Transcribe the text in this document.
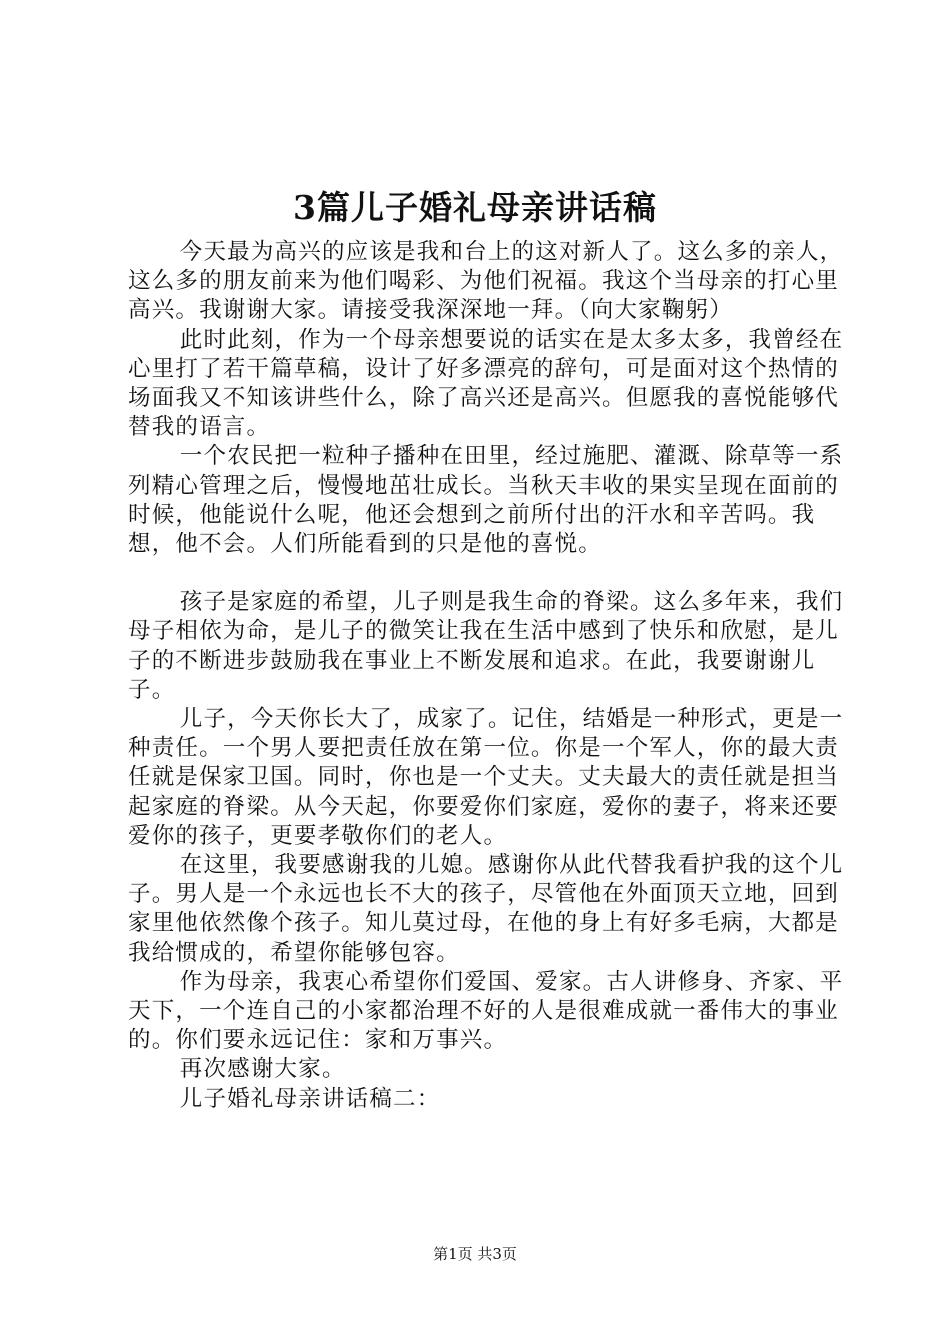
3篇儿子婚礼母亲讲话稿

今天最为高兴的应该是我和台上的这对新人了。这么多的亲人，这么多的朋友前来为他们喝彩、为他们祝福。我这个当母亲的打心里高兴。我谢谢大家。请接受我深深地一拜。（向大家鞠躬）

此时此刻，作为一个母亲想要说的话实在是太多太多，我曾经在心里打了若干篇草稿，设计了好多漂亮的辞句，可是面对这个热情的场面我又不知该讲些什么，除了高兴还是高兴。但愿我的喜悦能够代替我的语言。

一个农民把一粒种子播种在田里，经过施肥、灌溉、除草等一系列精心管理之后，慢慢地茁壮成长。当秋天丰收的果实呈现在面前的时候，他能说什么呢，他还会想到之前所付出的汗水和辛苦吗。我想，他不会。人们所能看到的只是他的喜悦。

孩子是家庭的希望，儿子则是我生命的脊梁。这么多年来，我们母子相依为命，是儿子的微笑让我在生活中感到了快乐和欣慰，是儿子的不断进步鼓励我在事业上不断发展和追求。在此，我要谢谢儿子。

儿子，今天你长大了，成家了。记住，结婚是一种形式，更是一种责任。一个男人要把责任放在第一位。你是一个军人，你的最大责任就是保家卫国。同时，你也是一个丈夫。丈夫最大的责任就是担当起家庭的脊梁。从今天起，你要爱你们家庭，爱你的妻子，将来还要爱你的孩子，更要孝敬你们的老人。

在这里，我要感谢我的儿媳。感谢你从此代替我看护我的这个儿子。男人是一个永远也长不大的孩子，尽管他在外面顶天立地，回到家里他依然像个孩子。知儿莫过母，在他的身上有好多毛病，大都是我给惯成的，希望你能够包容。

作为母亲，我衷心希望你们爱国、爱家。古人讲修身、齐家、平天下，一个连自己的小家都治理不好的人是很难成就一番伟大的事业的。你们要永远记住：家和万事兴。

再次感谢大家。

儿子婚礼母亲讲话稿二：

第1页 共3页
